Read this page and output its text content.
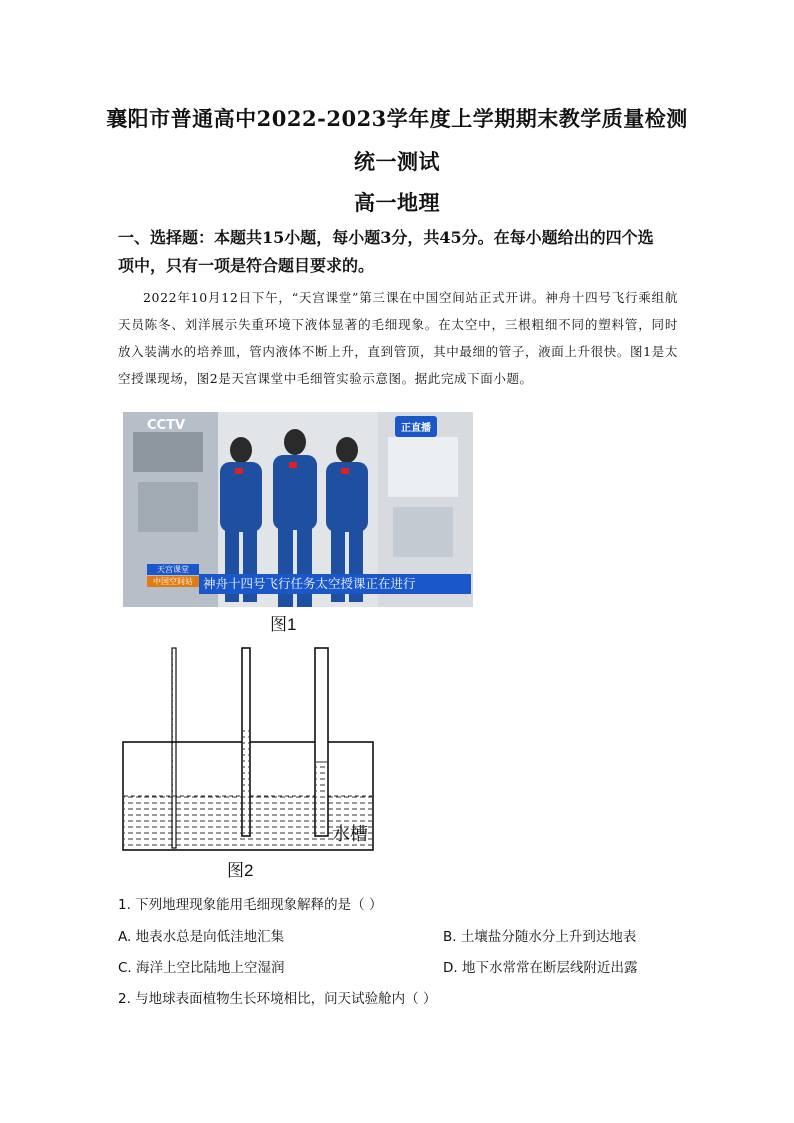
襄阳市普通高中2022-2023学年度上学期期末教学质量检测
统一测试
高一地理
一、选择题：本题共15小题，每小题3分，共45分。在每小题给出的四个选
项中，只有一项是符合题目要求的。

2022年10月12日下午，“天宫课堂”第三课在中国空间站正式开讲。神舟十四号飞行乘组航天员陈冬、刘洋展示失重环境下液体显著的毛细现象。在太空中，三根粗细不同的塑料管，同时放入装满水的培养皿，管内液体不断上升，直到管顶，其中最细的管子，液面上升很快。图1是太空授课现场，图2是天宫课堂中毛细管实验示意图。据此完成下面小题。

CCTV	正直播
天宫课堂
中国空间站 神舟十四号飞行任务太空授课正在进行
图1
水槽
图2
1. 下列地理现象能用毛细现象解释的是（ ）
A. 地表水总是向低洼地汇集	B. 土壤盐分随水分上升到达地表
C. 海洋上空比陆地上空湿润	D. 地下水常常在断层线附近出露
2. 与地球表面植物生长环境相比，问天试验舱内（ ）
